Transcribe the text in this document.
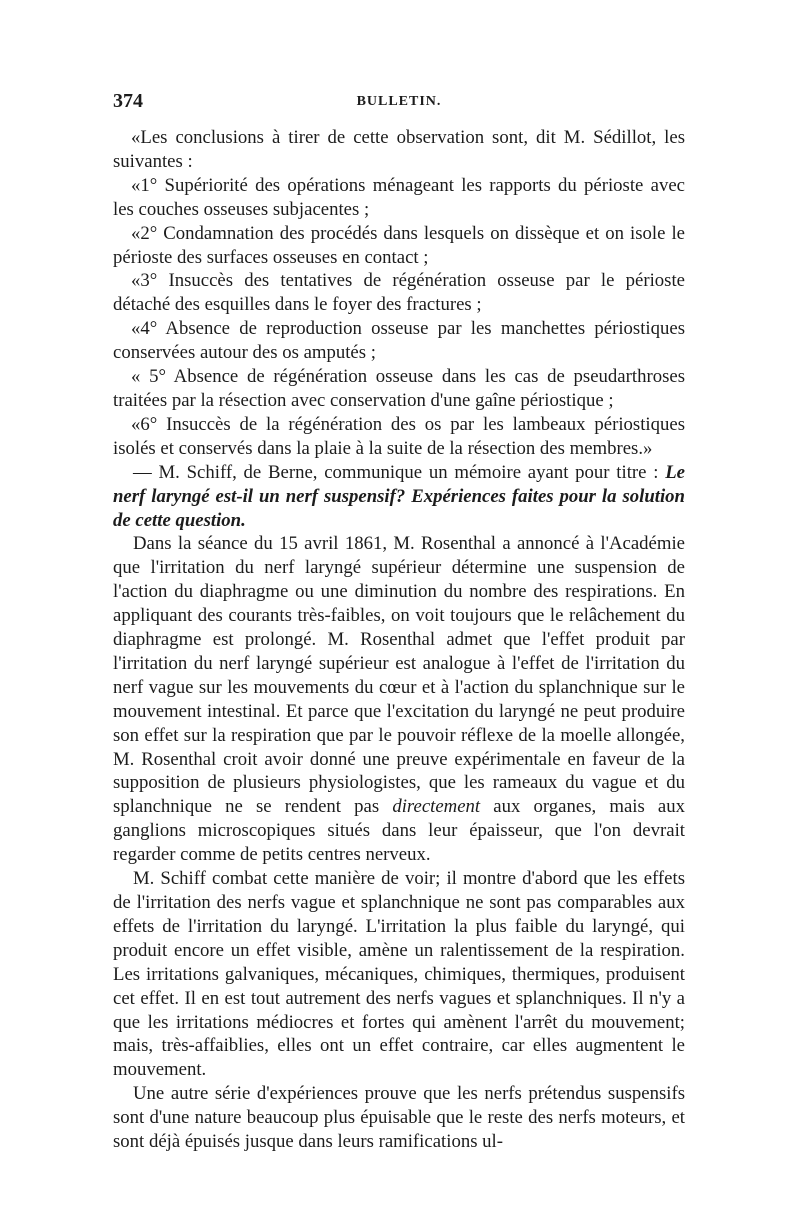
374	BULLETIN.

«Les conclusions à tirer de cette observation sont, dit M. Sédillot, les suivantes :

«1° Supériorité des opérations ménageant les rapports du périoste avec les couches osseuses subjacentes ;

«2° Condamnation des procédés dans lesquels on dissèque et on isole le périoste des surfaces osseuses en contact ;

«3° Insuccès des tentatives de régénération osseuse par le périoste détaché des esquilles dans le foyer des fractures ;

«4° Absence de reproduction osseuse par les manchettes périostiques conservées autour des os amputés ;

« 5° Absence de régénération osseuse dans les cas de pseudarthroses traitées par la résection avec conservation d'une gaîne périostique ;

«6° Insuccès de la régénération des os par les lambeaux périostiques isolés et conservés dans la plaie à la suite de la résection des membres.»

— M. Schiff, de Berne, communique un mémoire ayant pour titre : Le nerf laryngé est-il un nerf suspensif? Expériences faites pour la solution de cette question.

Dans la séance du 15 avril 1861, M. Rosenthal a annoncé à l'Académie que l'irritation du nerf laryngé supérieur détermine une suspension de l'action du diaphragme ou une diminution du nombre des respirations. En appliquant des courants très-faibles, on voit toujours que le relâchement du diaphragme est prolongé. M. Rosenthal admet que l'effet produit par l'irritation du nerf laryngé supérieur est analogue à l'effet de l'irritation du nerf vague sur les mouvements du cœur et à l'action du splanchnique sur le mouvement intestinal. Et parce que l'excitation du laryngé ne peut produire son effet sur la respiration que par le pouvoir réflexe de la moelle allongée, M. Rosenthal croit avoir donné une preuve expérimentale en faveur de la supposition de plusieurs physiologistes, que les rameaux du vague et du splanchnique ne se rendent pas directement aux organes, mais aux ganglions microscopiques situés dans leur épaisseur, que l'on devrait regarder comme de petits centres nerveux.

M. Schiff combat cette manière de voir; il montre d'abord que les effets de l'irritation des nerfs vague et splanchnique ne sont pas comparables aux effets de l'irritation du laryngé. L'irritation la plus faible du laryngé, qui produit encore un effet visible, amène un ralentissement de la respiration. Les irritations galvaniques, mécaniques, chimiques, thermiques, produisent cet effet. Il en est tout autrement des nerfs vagues et splanchniques. Il n'y a que les irritations médiocres et fortes qui amènent l'arrêt du mouvement; mais, très-affaiblies, elles ont un effet contraire, car elles augmentent le mouvement.

Une autre série d'expériences prouve que les nerfs prétendus suspensifs sont d'une nature beaucoup plus épuisable que le reste des nerfs moteurs, et sont déjà épuisés jusque dans leurs ramifications ul-
